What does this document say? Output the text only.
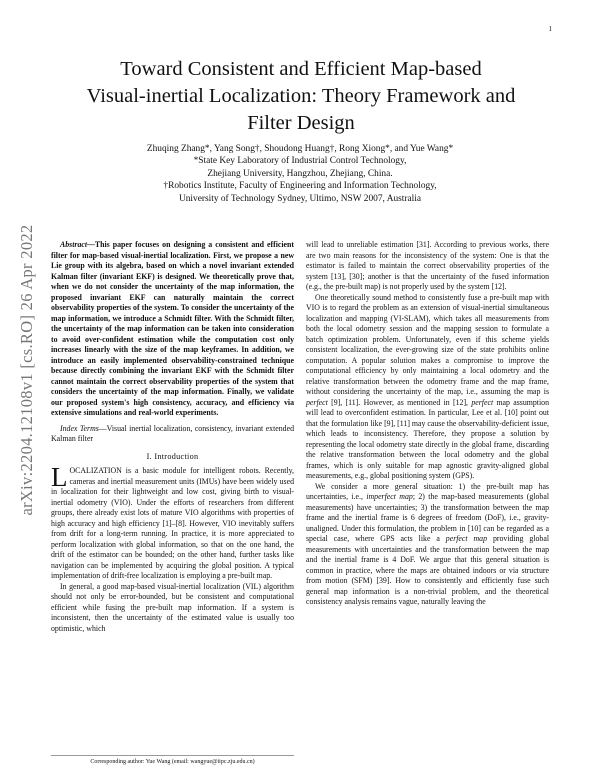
1
arXiv:2204.12108v1 [cs.RO] 26 Apr 2022
Toward Consistent and Efficient Map-based
Visual-inertial Localization: Theory Framework and
Filter Design
Zhuqing Zhang*, Yang Song†, Shoudong Huang†, Rong Xiong*, and Yue Wang*
*State Key Laboratory of Industrial Control Technology,
Zhejiang University, Hangzhou, Zhejiang, China.
†Robotics Institute, Faculty of Engineering and Information Technology,
University of Technology Sydney, Ultimo, NSW 2007, Australia

Abstract—This paper focuses on designing a consistent and efficient filter for map-based visual-inertial localization. First, we propose a new Lie group with its algebra, based on which a novel invariant extended Kalman filter (invariant EKF) is designed. We theoretically prove that, when we do not consider the uncertainty of the map information, the proposed invariant EKF can naturally maintain the correct observability properties of the system. To consider the uncertainty of the map information, we introduce a Schmidt filter. With the Schmidt filter, the uncertainty of the map information can be taken into consideration to avoid over-confident estimation while the computation cost only increases linearly with the size of the map keyframes. In addition, we introduce an easily implemented observability-constrained technique because directly combining the invariant EKF with the Schmidt filter cannot maintain the correct observability properties of the system that considers the uncertainty of the map information. Finally, we validate our proposed system's high consistency, accuracy, and efficiency via extensive simulations and real-world experiments.

Index Terms—Visual inertial localization, consistency, invariant extended Kalman filter

I. Introduction

LOCALIZATION is a basic module for intelligent robots. Recently, cameras and inertial measurement units (IMUs) have been widely used in localization for their lightweight and low cost, giving birth to visual-inertial odometry (VIO). Under the efforts of researchers from different groups, there already exist lots of mature VIO algorithms with properties of high accuracy and high efficiency [1]–[8]. However, VIO inevitably suffers from drift for a long-term running. In practice, it is more appreciated to perform localization with global information, so that on the one hand, the drift of the estimator can be bounded; on the other hand, further tasks like navigation can be implemented by acquiring the global position. A typical implementation of drift-free localization is employing a pre-built map.

In general, a good map-based visual-inertial localization (VIL) algorithm should not only be error-bounded, but be consistent and computational efficient while fusing the pre-built map information. If a system is inconsistent, then the uncertainty of the estimated value is usually too optimistic, which

Corresponding author: Yue Wang (email: wangyue@iipc.zju.edu.cn)

will lead to unreliable estimation [31]. According to previous works, there are two main reasons for the inconsistency of the system: One is that the estimator is failed to maintain the correct observability properties of the system [13], [30]; another is that the uncertainty of the fused information (e.g., the pre-built map) is not properly used by the system [12].

One theoretically sound method to consistently fuse a pre-built map with VIO is to regard the problem as an extension of visual-inertial simultaneous localization and mapping (VI-SLAM), which takes all measurements from both the local odometry session and the mapping session to formulate a batch optimization problem. Unfortunately, even if this scheme yields consistent localization, the ever-growing size of the state prohibits online computation. A popular solution makes a compromise to improve the computational efficiency by only maintaining a local odometry and the relative transformation between the odometry frame and the map frame, without considering the uncertainty of the map, i.e., assuming the map is perfect [9], [11]. However, as mentioned in [12], perfect map assumption will lead to overconfident estimation. In particular, Lee et al. [10] point out that the formulation like [9], [11] may cause the observability-deficient issue, which leads to inconsistency. Therefore, they propose a solution by representing the local odometry state directly in the global frame, discarding the relative transformation between the local odometry and the global frames, which is only suitable for map agnostic gravity-aligned global measurements, e.g., global positioning system (GPS).

We consider a more general situation: 1) the pre-built map has uncertainties, i.e., imperfect map; 2) the map-based measurements (global measurements) have uncertainties; 3) the transformation between the map frame and the inertial frame is 6 degrees of freedom (DoF), i.e., gravity-unaligned. Under this formulation, the problem in [10] can be regarded as a special case, where GPS acts like a perfect map providing global measurements with uncertainties and the transformation between the map and the inertial frame is 4 DoF. We argue that this general situation is common in practice, where the maps are obtained indoors or via structure from motion (SFM) [39]. How to consistently and efficiently fuse such general map information is a non-trivial problem, and the theoretical consistency analysis remains vague, naturally leaving the
